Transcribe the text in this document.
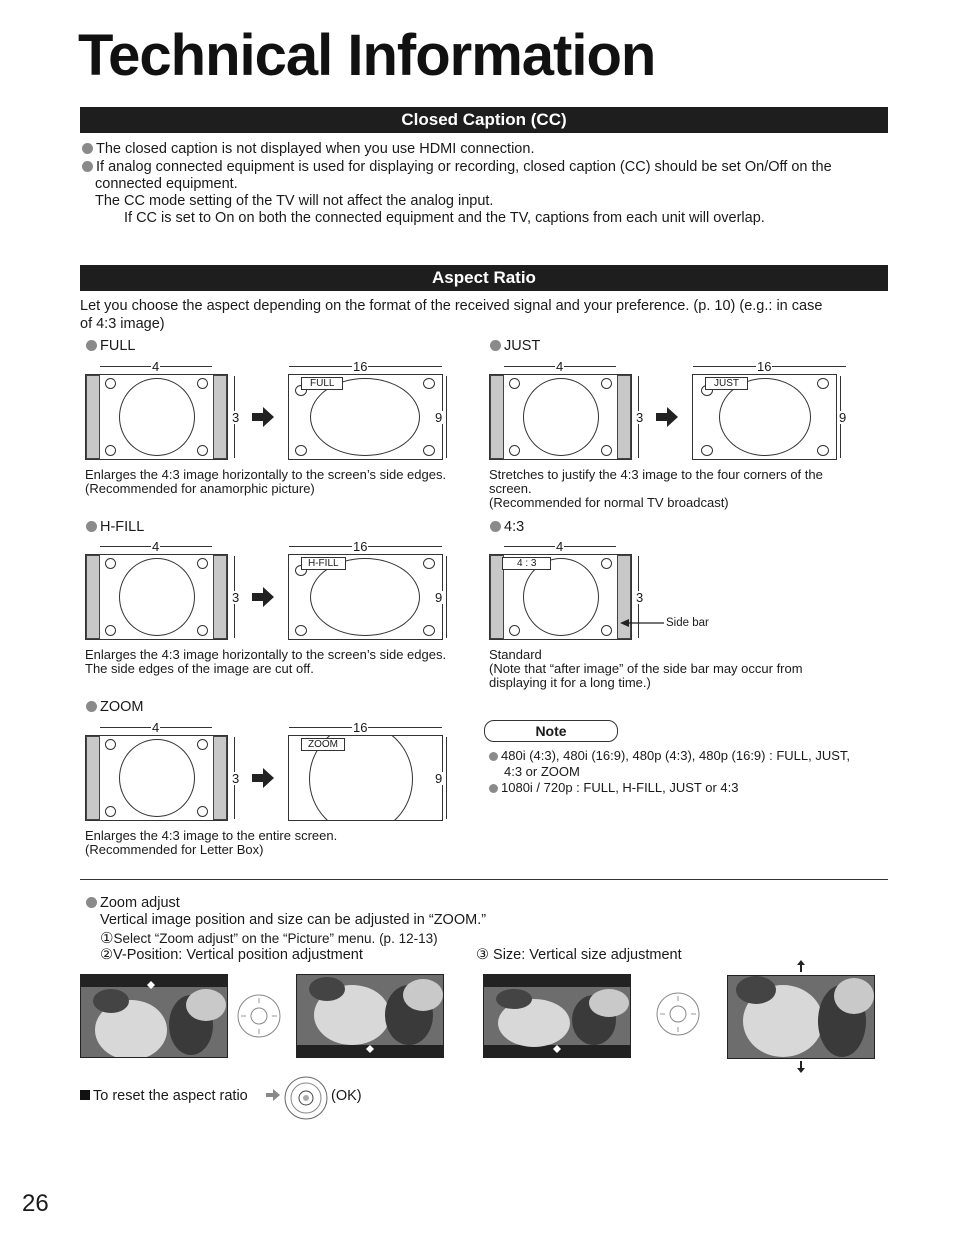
Technical Information
Closed Caption (CC)
The closed caption is not displayed when you use HDMI connection.
If analog connected equipment is used for displaying or recording, closed caption (CC) should be set On/Off on the
connected equipment.
The CC mode setting of the TV will not affect the analog input.
If CC is set to On on both the connected equipment and the TV, captions from each unit will overlap.
Aspect Ratio
Let you choose the aspect depending on the format of the received signal and your preference. (p. 10) (e.g.: in case
of 4:3 image)
FULL	JUST
H-FILL	4:3
ZOOM
4
3
16
FULL
9
Enlarges the 4:3 image horizontally to the screen’s side edges.
(Recommended for anamorphic picture)
4
3
16
JUST
9
Stretches to justify the 4:3 image to the four corners of the
screen.
(Recommended for normal TV broadcast)
4
3
16
H-FILL
9
Enlarges the 4:3 image horizontally to the screen’s side edges.
The side edges of the image are cut off.
4
4 : 3
3
Side bar
Standard
(Note that “after image” of the side bar may occur from
displaying it for a long time.)
4
3
16
ZOOM
9
Enlarges the 4:3 image to the entire screen.
(Recommended for Letter Box)
Note
480i (4:3), 480i (16:9), 480p (4:3), 480p (16:9) : FULL, JUST,
4:3 or ZOOM
1080i / 720p : FULL, H-FILL, JUST or 4:3
Zoom adjust
Vertical image position and size can be adjusted in “ZOOM.”
①Select “Zoom adjust” on the “Picture” menu. (p. 12-13)
②V-Position: Vertical position adjustment	③ Size: Vertical size adjustment
To reset the aspect ratio	(OK)
26
